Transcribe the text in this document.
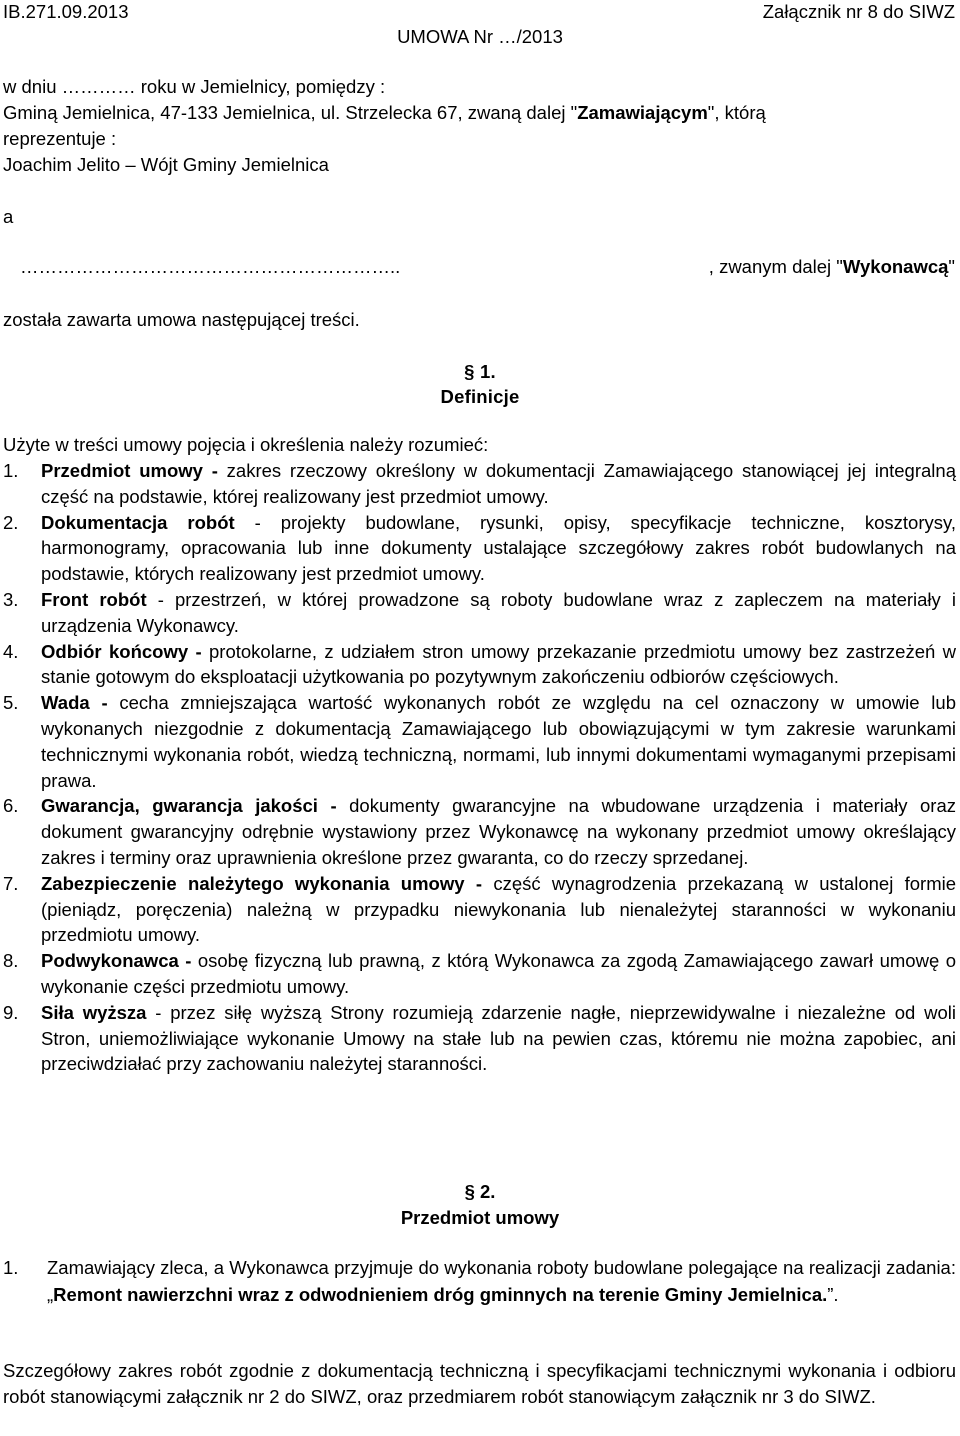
IB.271.09.2013	Załącznik nr 8 do SIWZ
UMOWA Nr …/2013
w dniu ………… roku w Jemielnicy, pomiędzy :
Gminą Jemielnica, 47-133 Jemielnica, ul. Strzelecka 67, zwaną dalej "Zamawiającym", którą
reprezentuje :
Joachim Jelito – Wójt Gminy Jemielnica
a
……………………………………………………..	, zwanym dalej "Wykonawcą"
została zawarta umowa następującej treści.
§ 1.
Definicje
Użyte w treści umowy pojęcia i określenia należy rozumieć:
1. Przedmiot umowy - zakres rzeczowy określony w dokumentacji Zamawiającego stanowiącej jej integralną część na podstawie, której realizowany jest przedmiot umowy.
2. Dokumentacja robót - projekty budowlane, rysunki, opisy, specyfikacje techniczne, kosztorysy, harmonogramy, opracowania lub inne dokumenty ustalające szczegółowy zakres robót budowlanych na podstawie, których realizowany jest przedmiot umowy.
3. Front robót - przestrzeń, w której prowadzone są roboty budowlane wraz z zapleczem na materiały i urządzenia Wykonawcy.
4. Odbiór końcowy - protokolarne, z udziałem stron umowy przekazanie przedmiotu umowy bez zastrzeżeń w stanie gotowym do eksploatacji użytkowania po pozytywnym zakończeniu odbiorów częściowych.
5. Wada - cecha zmniejszająca wartość wykonanych robót ze względu na cel oznaczony w umowie lub wykonanych niezgodnie z dokumentacją Zamawiającego lub obowiązującymi w tym zakresie warunkami technicznymi wykonania robót, wiedzą techniczną, normami, lub innymi dokumentami wymaganymi przepisami prawa.
6. Gwarancja, gwarancja jakości - dokumenty gwarancyjne na wbudowane urządzenia i materiały oraz dokument gwarancyjny odrębnie wystawiony przez Wykonawcę na wykonany przedmiot umowy określający zakres i terminy oraz uprawnienia określone przez gwaranta, co do rzeczy sprzedanej.
7. Zabezpieczenie należytego wykonania umowy - część wynagrodzenia przekazaną w ustalonej formie (pieniądz, poręczenia) należną w przypadku niewykonania lub nienależytej staranności w wykonaniu przedmiotu umowy.
8. Podwykonawca - osobę fizyczną lub prawną, z którą Wykonawca za zgodą Zamawiającego zawarł umowę o wykonanie części przedmiotu umowy.
9. Siła wyższa - przez siłę wyższą Strony rozumieją zdarzenie nagłe, nieprzewidywalne i niezależne od woli Stron, uniemożliwiające wykonanie Umowy na stałe lub na pewien czas, któremu nie można zapobiec, ani przeciwdziałać przy zachowaniu należytej staranności.
§ 2.
Przedmiot umowy
1.	Zamawiający zleca, a Wykonawca przyjmuje do wykonania roboty budowlane polegające na realizacji zadania: „Remont nawierzchni wraz z odwodnieniem dróg gminnych na terenie Gminy Jemielnica.”.
Szczegółowy zakres robót zgodnie z dokumentacją techniczną i specyfikacjami technicznymi wykonania i odbioru robót stanowiącymi załącznik nr 2 do SIWZ, oraz przedmiarem robót stanowiącym załącznik nr 3 do SIWZ.
